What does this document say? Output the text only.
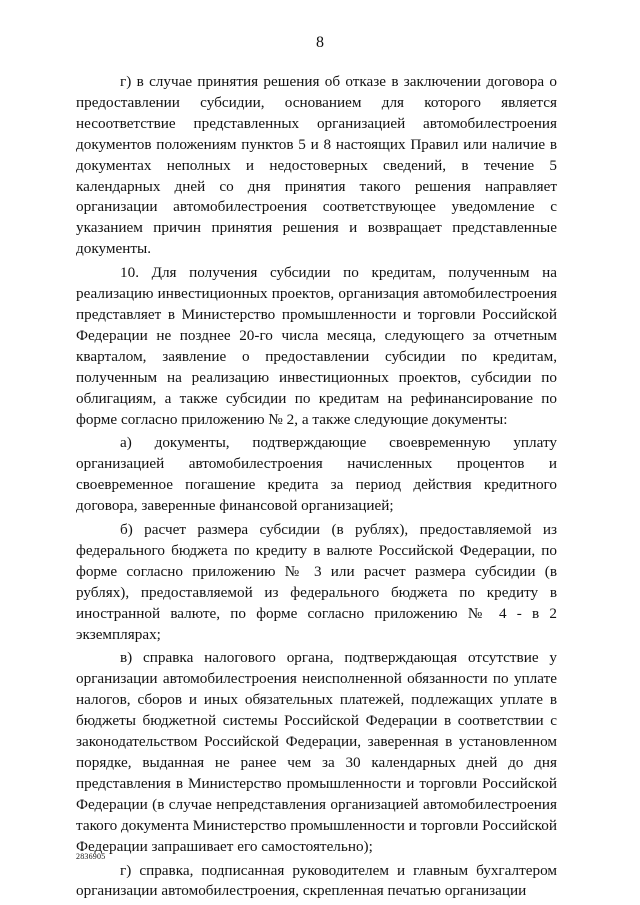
8

г) в случае принятия решения об отказе в заключении договора о предоставлении субсидии, основанием для которого является несоответствие представленных организацией автомобилестроения документов положениям пунктов 5 и 8 настоящих Правил или наличие в документах неполных и недостоверных сведений, в течение 5 календарных дней со дня принятия такого решения направляет организации автомобилестроения соответствующее уведомление с указанием причин принятия решения и возвращает представленные документы.

10. Для получения субсидии по кредитам, полученным на реализацию инвестиционных проектов, организация автомобилестроения представляет в Министерство промышленности и торговли Российской Федерации не позднее 20-го числа месяца, следующего за отчетным кварталом, заявление о предоставлении субсидии по кредитам, полученным на реализацию инвестиционных проектов, субсидии по облигациям, а также субсидии по кредитам на рефинансирование по форме согласно приложению № 2, а также следующие документы:

а) документы, подтверждающие своевременную уплату организацией автомобилестроения начисленных процентов и своевременное погашение кредита за период действия кредитного договора, заверенные финансовой организацией;

б) расчет размера субсидии (в рублях), предоставляемой из федерального бюджета по кредиту в валюте Российской Федерации, по форме согласно приложению № 3 или расчет размера субсидии (в рублях), предоставляемой из федерального бюджета по кредиту в иностранной валюте, по форме согласно приложению № 4 - в 2 экземплярах;

в) справка налогового органа, подтверждающая отсутствие у организации автомобилестроения неисполненной обязанности по уплате налогов, сборов и иных обязательных платежей, подлежащих уплате в бюджеты бюджетной системы Российской Федерации в соответствии с законодательством Российской Федерации, заверенная в установленном порядке, выданная не ранее чем за 30 календарных дней до дня представления в Министерство промышленности и торговли Российской Федерации (в случае непредставления организацией автомобилестроения такого документа Министерство промышленности и торговли Российской Федерации запрашивает его самостоятельно);

г) справка, подписанная руководителем и главным бухгалтером организации автомобилестроения, скрепленная печатью организации

2836905
